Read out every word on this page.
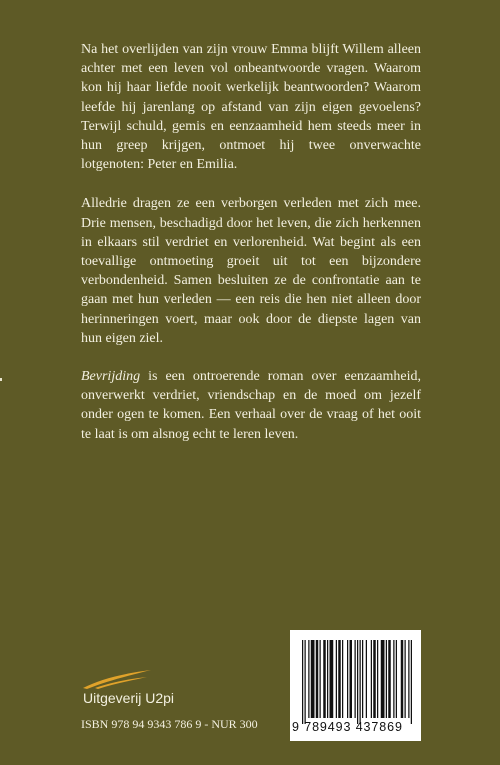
Na het overlijden van zijn vrouw Emma blijft Willem alleen achter met een leven vol onbeantwoorde vragen. Waarom kon hij haar liefde nooit werkelijk beantwoorden? Waarom leefde hij jarenlang op afstand van zijn eigen gevoelens? Terwijl schuld, gemis en eenzaamheid hem steeds meer in hun greep krijgen, ontmoet hij twee onverwachte lotgenoten: Peter en Emilia.

Alledrie dragen ze een verborgen verleden met zich mee. Drie mensen, beschadigd door het leven, die zich herkennen in elkaars stil verdriet en verlorenheid. Wat begint als een toevallige ontmoeting groeit uit tot een bijzondere verbondenheid. Samen besluiten ze de confrontatie aan te gaan met hun verleden — een reis die hen niet alleen door herinneringen voert, maar ook door de diepste lagen van hun eigen ziel.

Bevrijding is een ontroerende roman over eenzaamheid, onverwerkt verdriet, vriendschap en de moed om jezelf onder ogen te komen. Een verhaal over de vraag of het ooit te laat is om alsnog echt te leren leven.

Uitgeverij U2pi
ISBN 978 94 9343 786 9 - NUR 300	9 789493 437869
